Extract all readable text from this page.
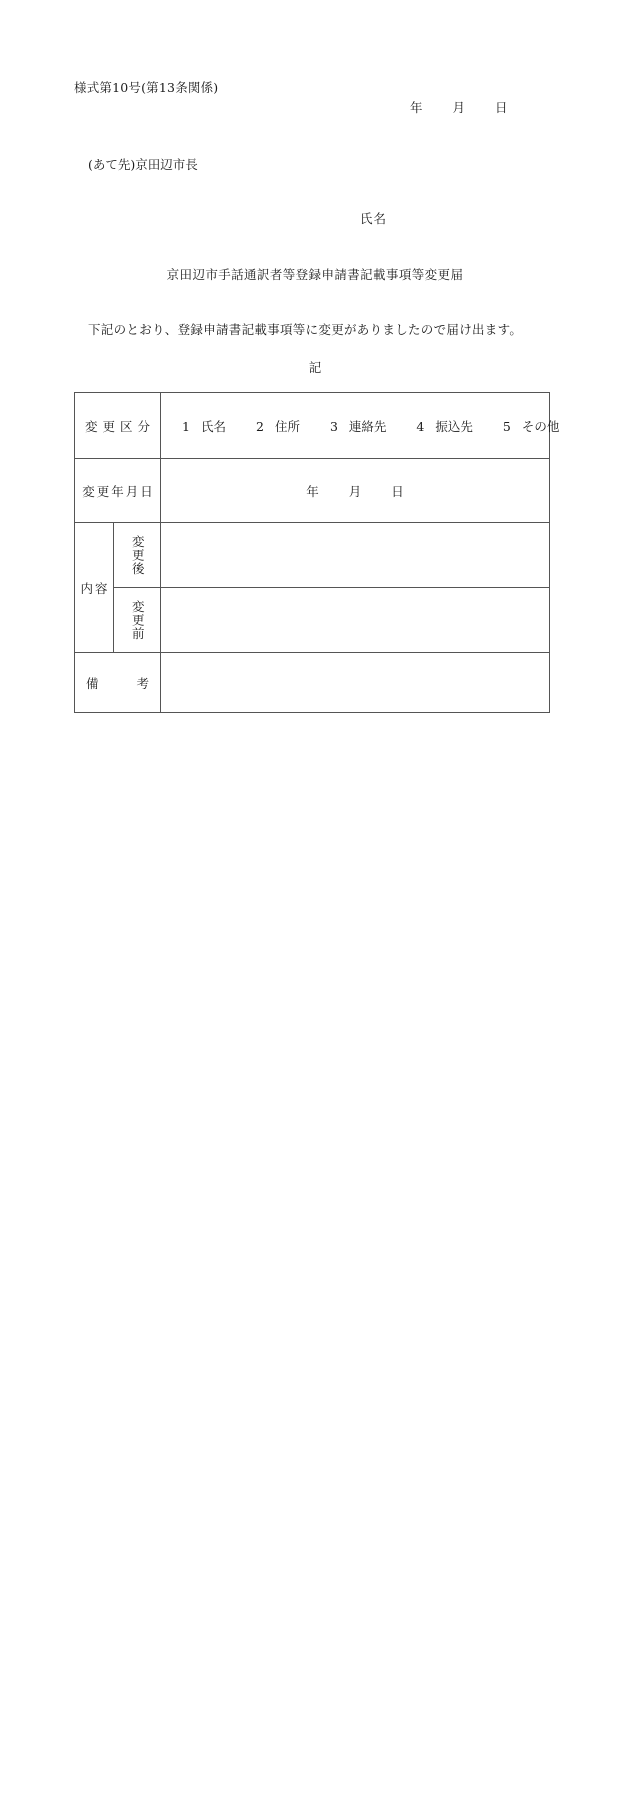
様式第10号(第13条関係)
年 月 日
(あて先)京田辺市長
氏名
京田辺市手話通訳者等登録申請書記載事項等変更届
下記のとおり、登録申請書記載事項等に変更がありましたので届け出ます。
記
変更区分		1 氏名 2 住所 3 連絡先 4 振込先 5 その他
変更年月日		年 月 日
内容	変更後	

変更前	

備 考		
